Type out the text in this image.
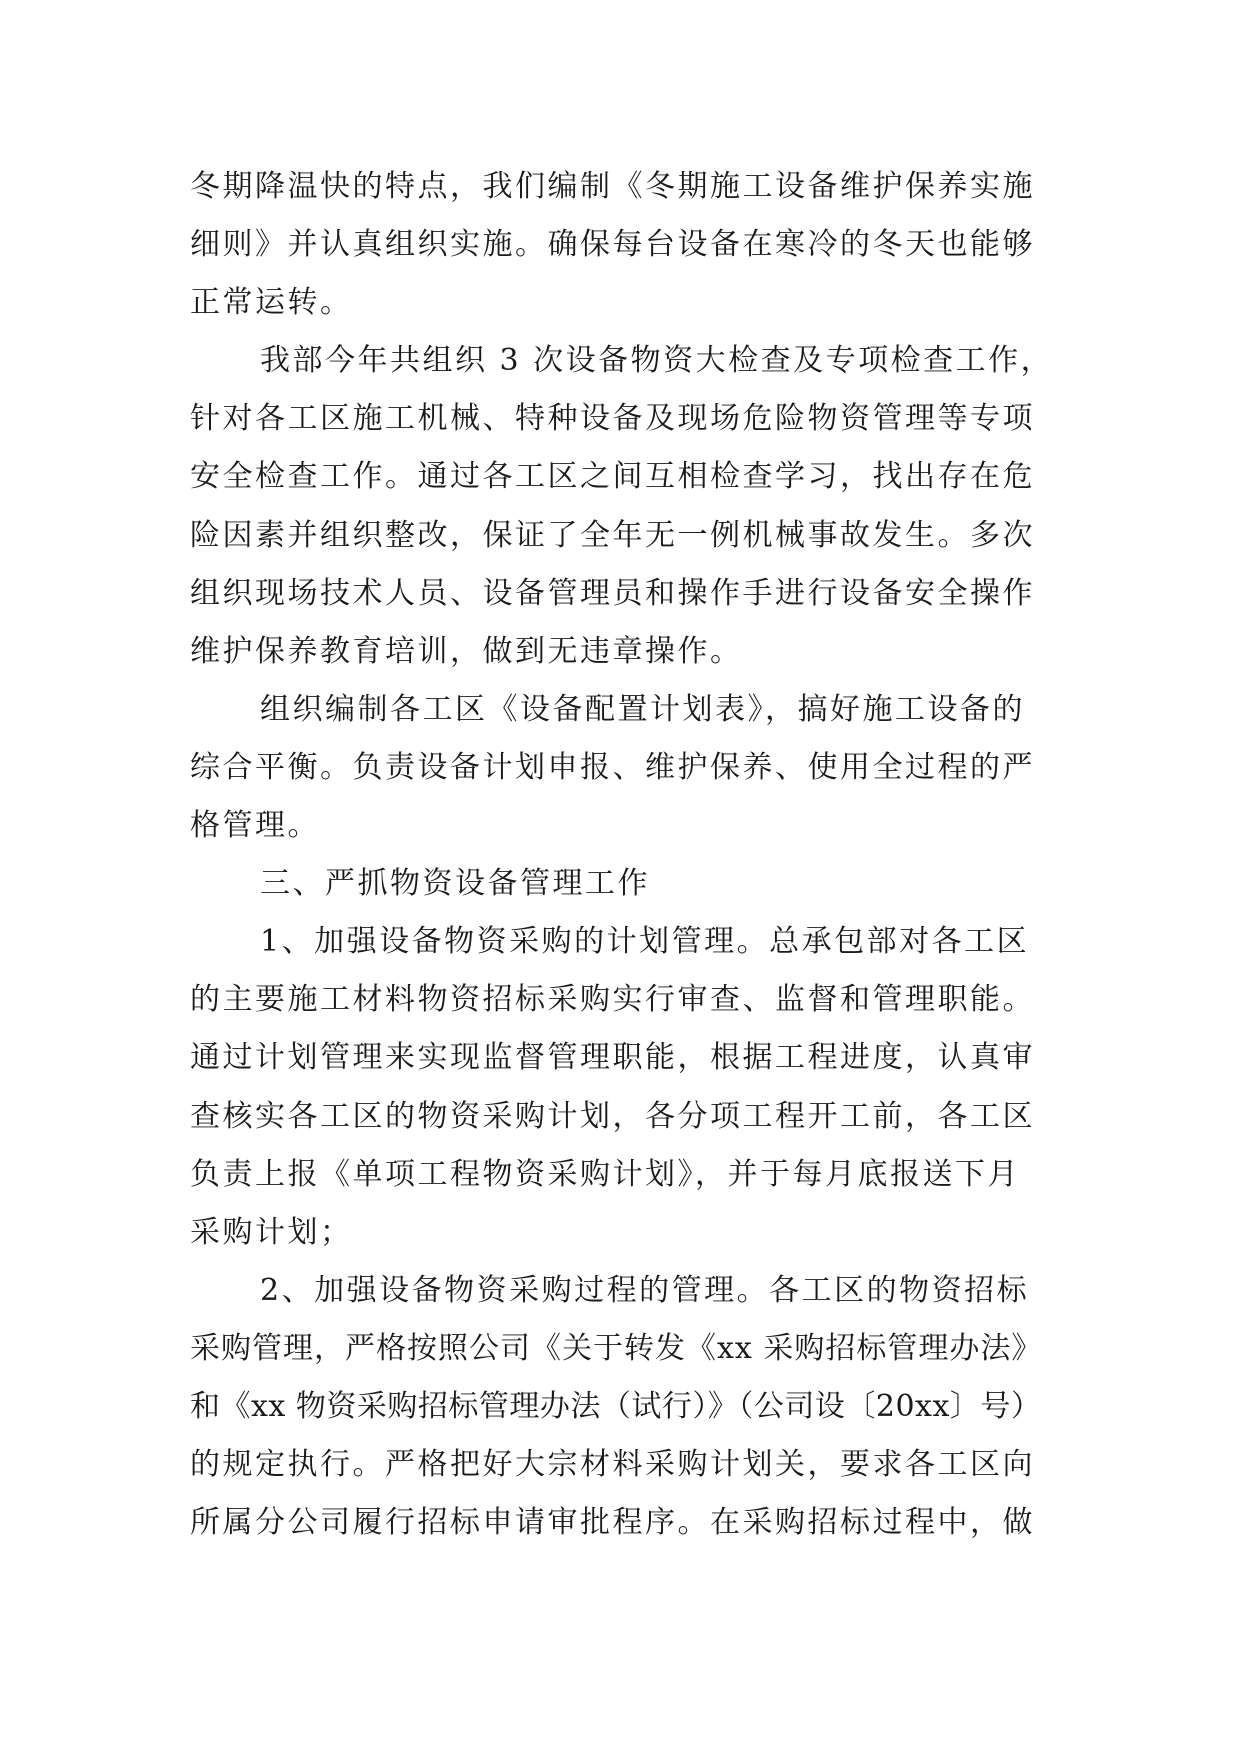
冬期降温快的特点，我们编制《冬期施工设备维护保养实施
细则》并认真组织实施。确保每台设备在寒冷的冬天也能够
正常运转。
我部今年共组织 3 次设备物资大检查及专项检查工作，
针对各工区施工机械、特种设备及现场危险物资管理等专项
安全检查工作。通过各工区之间互相检查学习，找出存在危
险因素并组织整改，保证了全年无一例机械事故发生。多次
组织现场技术人员、设备管理员和操作手进行设备安全操作
维护保养教育培训，做到无违章操作。
组织编制各工区《设备配置计划表》，搞好施工设备的
综合平衡。负责设备计划申报、维护保养、使用全过程的严
格管理。
三、严抓物资设备管理工作
1、加强设备物资采购的计划管理。总承包部对各工区
的主要施工材料物资招标采购实行审查、监督和管理职能。
通过计划管理来实现监督管理职能，根据工程进度，认真审
查核实各工区的物资采购计划，各分项工程开工前，各工区
负责上报《单项工程物资采购计划》，并于每月底报送下月
采购计划；
2、加强设备物资采购过程的管理。各工区的物资招标
采购管理，严格按照公司《关于转发《xx 采购招标管理办法》
和《xx 物资采购招标管理办法（试行）》（公司设〔20xx〕号）
的规定执行。严格把好大宗材料采购计划关，要求各工区向
所属分公司履行招标申请审批程序。在采购招标过程中，做
